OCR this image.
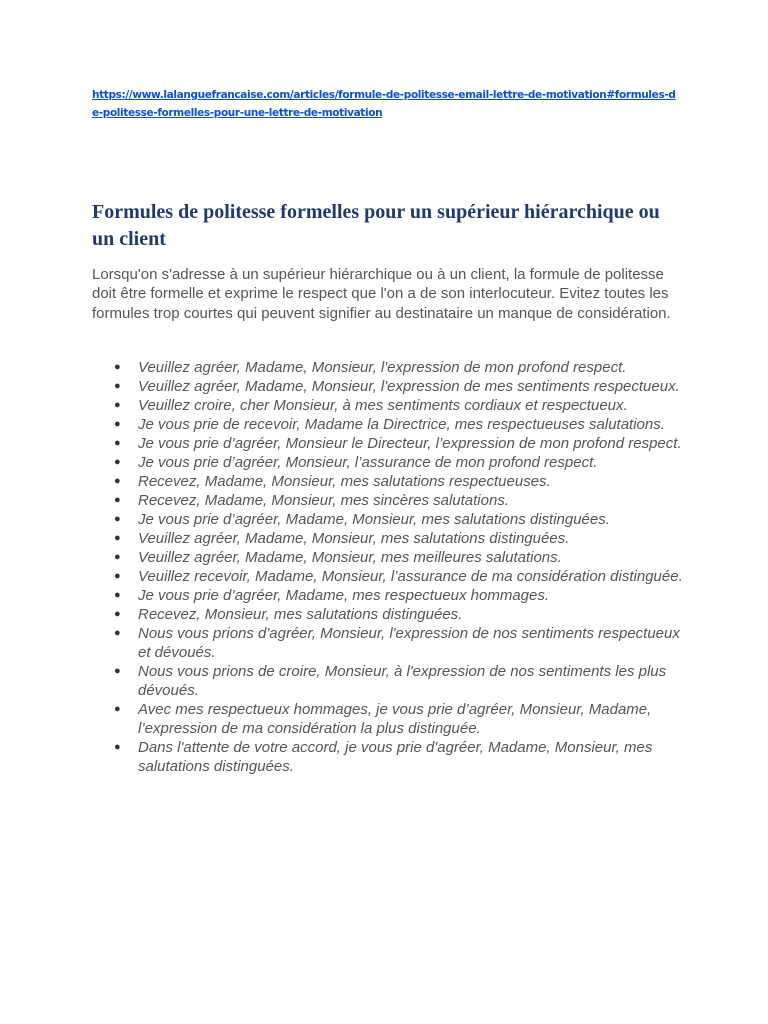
https://www.lalanguefrancaise.com/articles/formule-de-politesse-email-lettre-de-motivation#formules-de-politesse-formelles-pour-une-lettre-de-motivation
Formules de politesse formelles pour un supérieur hiérarchique ou un client

Lorsqu'on s'adresse à un supérieur hiérarchique ou à un client, la formule de politesse doit être formelle et exprime le respect que l'on a de son interlocuteur. Evitez toutes les formules trop courtes qui peuvent signifier au destinataire un manque de considération.

● Veuillez agréer, Madame, Monsieur, l'expression de mon profond respect.
● Veuillez agréer, Madame, Monsieur, l'expression de mes sentiments respectueux.
● Veuillez croire, cher Monsieur, à mes sentiments cordiaux et respectueux.
● Je vous prie de recevoir, Madame la Directrice, mes respectueuses salutations.
● Je vous prie d’agréer, Monsieur le Directeur, l’expression de mon profond respect.
● Je vous prie d’agréer, Monsieur, l’assurance de mon profond respect.
● Recevez, Madame, Monsieur, mes salutations respectueuses.
● Recevez, Madame, Monsieur, mes sincères salutations.
● Je vous prie d’agréer, Madame, Monsieur, mes salutations distinguées.
● Veuillez agréer, Madame, Monsieur, mes salutations distinguées.
● Veuillez agréer, Madame, Monsieur, mes meilleures salutations.
● Veuillez recevoir, Madame, Monsieur, l’assurance de ma considération distinguée.
● Je vous prie d’agréer, Madame, mes respectueux hommages.
● Recevez, Monsieur, mes salutations distinguées.
● Nous vous prions d'agréer, Monsieur, l'expression de nos sentiments respectueux et dévoués.
● Nous vous prions de croire, Monsieur, à l'expression de nos sentiments les plus dévoués.
● Avec mes respectueux hommages, je vous prie d’agréer, Monsieur, Madame, l’expression de ma considération la plus distinguée.
● Dans l'attente de votre accord, je vous prie d'agréer, Madame, Monsieur, mes salutations distinguées.
